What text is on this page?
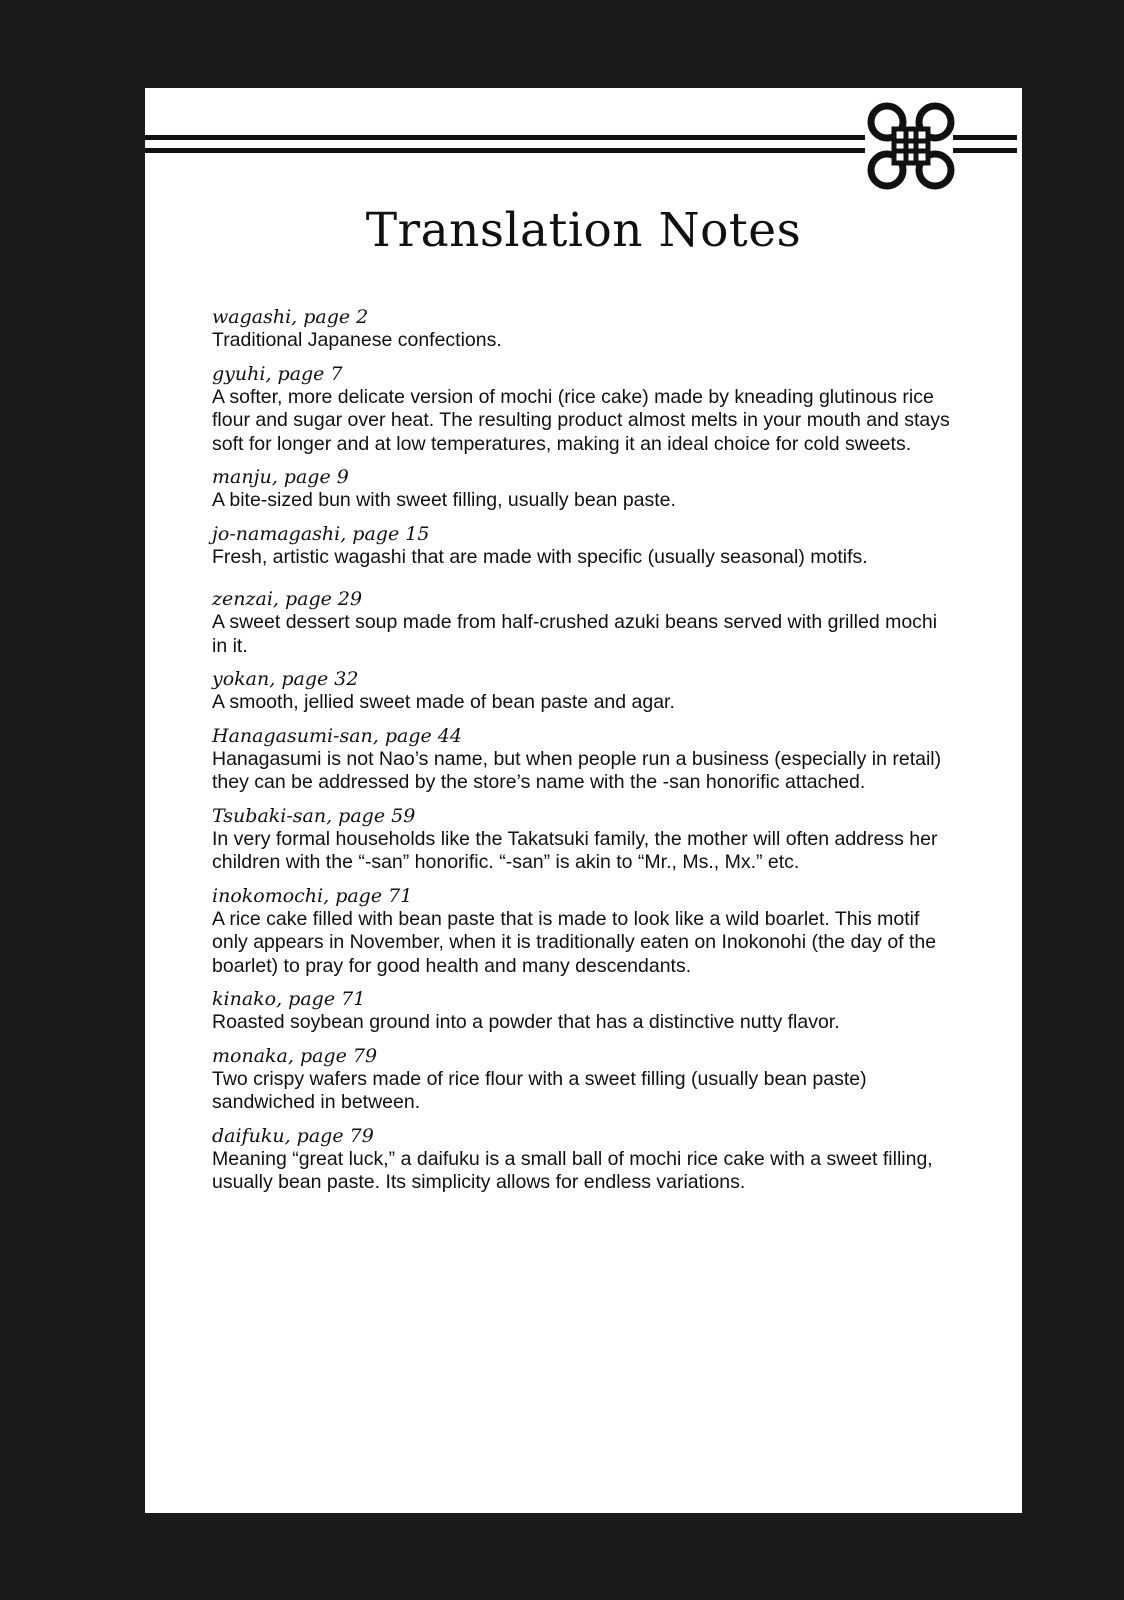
Translation Notes
wagashi, page 2
Traditional Japanese confections.
gyuhi, page 7
A softer, more delicate version of mochi (rice cake) made by kneading glutinous rice flour and sugar over heat. The resulting product almost melts in your mouth and stays soft for longer and at low temperatures, making it an ideal choice for cold sweets.
manju, page 9
A bite-sized bun with sweet filling, usually bean paste.
jo-namagashi, page 15
Fresh, artistic wagashi that are made with specific (usually seasonal) motifs.
zenzai, page 29
A sweet dessert soup made from half-crushed azuki beans served with grilled mochi in it.
yokan, page 32
A smooth, jellied sweet made of bean paste and agar.
Hanagasumi-san, page 44
Hanagasumi is not Nao’s name, but when people run a business (especially in retail) they can be addressed by the store’s name with the -san honorific attached.
Tsubaki-san, page 59
In very formal households like the Takatsuki family, the mother will often address her children with the “-san” honorific. “-san” is akin to “Mr., Ms., Mx.” etc.
inokomochi, page 71
A rice cake filled with bean paste that is made to look like a wild boarlet. This motif only appears in November, when it is traditionally eaten on Inokonohi (the day of the boarlet) to pray for good health and many descendants.
kinako, page 71
Roasted soybean ground into a powder that has a distinctive nutty flavor.
monaka, page 79
Two crispy wafers made of rice flour with a sweet filling (usually bean paste) sandwiched in between.
daifuku, page 79
Meaning “great luck,” a daifuku is a small ball of mochi rice cake with a sweet filling, usually bean paste. Its simplicity allows for endless variations.
